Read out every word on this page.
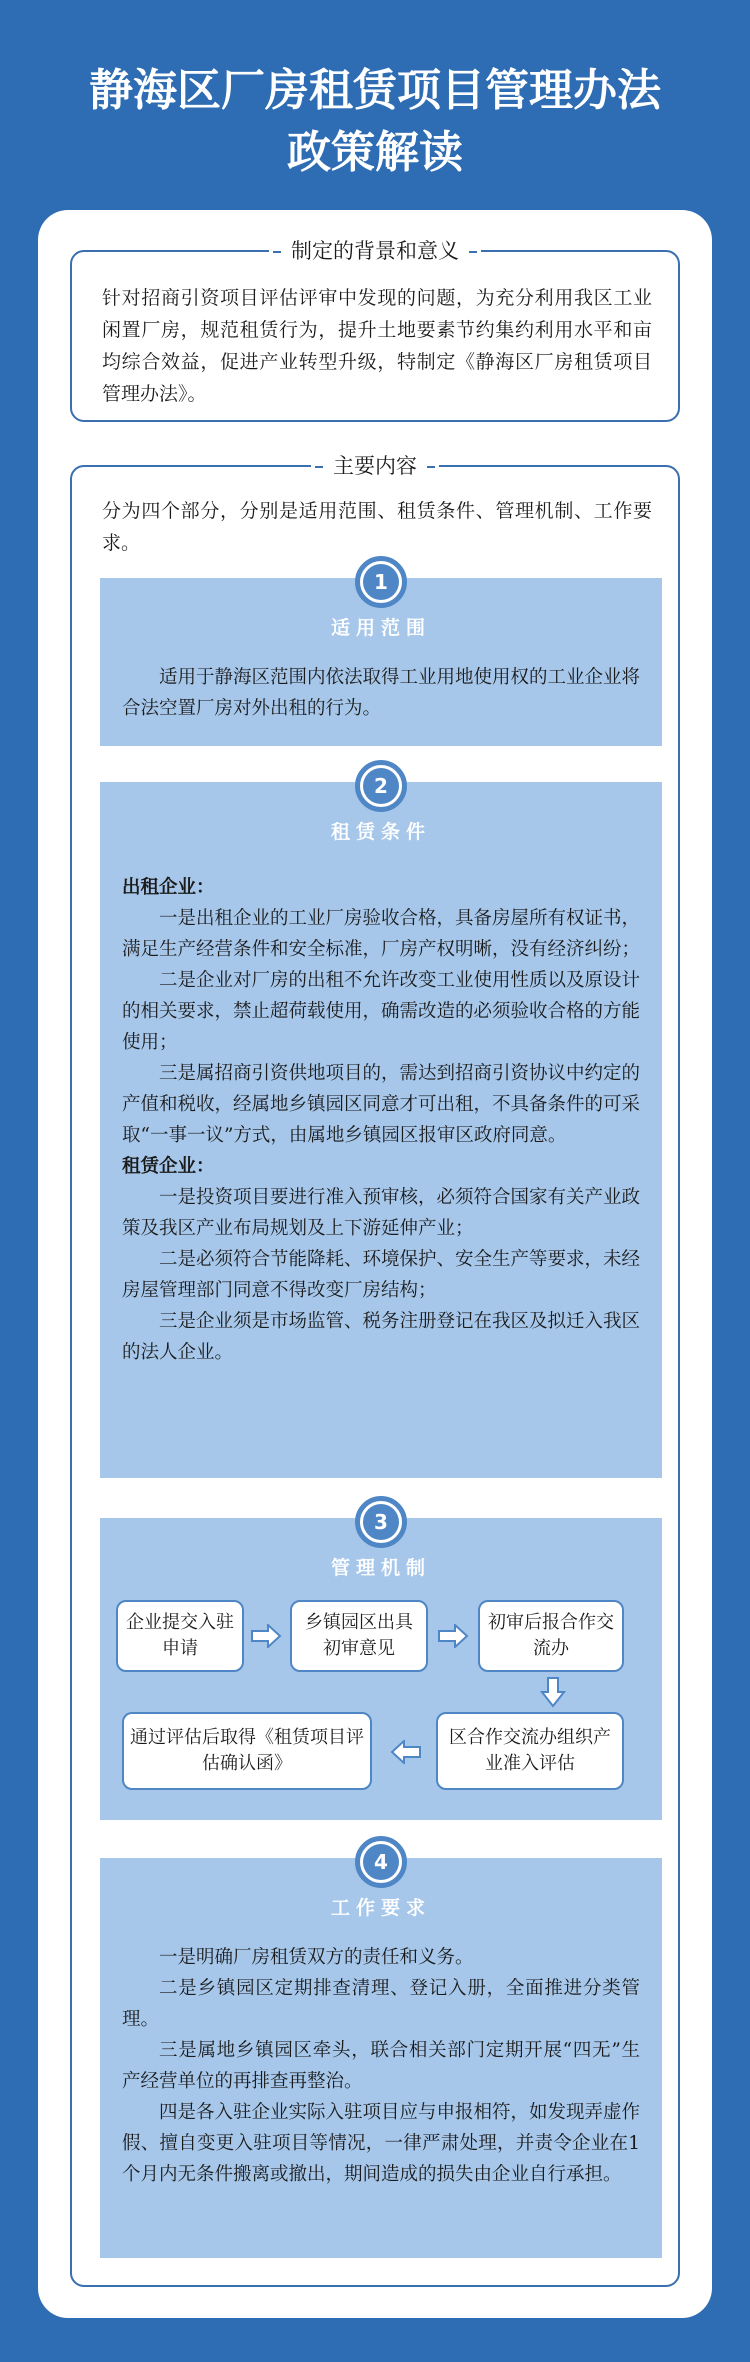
静海区厂房租赁项目管理办法
政策解读
制定的背景和意义
针对招商引资项目评估评审中发现的问题，为充分利用我区工业闲置厂房，规范租赁行为，提升土地要素节约集约利用水平和亩均综合效益，促进产业转型升级，特制定《静海区厂房租赁项目管理办法》。
主要内容
分为四个部分，分别是适用范围、租赁条件、管理机制、工作要求。
1
适用范围

适用于静海区范围内依法取得工业用地使用权的工业企业将合法空置厂房对外出租的行为。

2
租赁条件

出租企业：

一是出租企业的工业厂房验收合格，具备房屋所有权证书，满足生产经营条件和安全标准，厂房产权明晰，没有经济纠纷；

二是企业对厂房的出租不允许改变工业使用性质以及原设计的相关要求，禁止超荷载使用，确需改造的必须验收合格的方能使用；

三是属招商引资供地项目的，需达到招商引资协议中约定的产值和税收，经属地乡镇园区同意才可出租，不具备条件的可采取“一事一议”方式，由属地乡镇园区报审区政府同意。

租赁企业：

一是投资项目要进行准入预审核，必须符合国家有关产业政策及我区产业布局规划及上下游延伸产业；

二是必须符合节能降耗、环境保护、安全生产等要求，未经房屋管理部门同意不得改变厂房结构；

三是企业须是市场监管、税务注册登记在我区及拟迁入我区的法人企业。

3
管理机制
企业提交入驻申请
乡镇园区出具初审意见
初审后报合作交流办
区合作交流办组织产业准入评估
通过评估后取得《租赁项目评估确认函》
4
工作要求

一是明确厂房租赁双方的责任和义务。

二是乡镇园区定期排查清理、登记入册，全面推进分类管理。

三是属地乡镇园区牵头，联合相关部门定期开展“四无”生产经营单位的再排查再整治。

四是各入驻企业实际入驻项目应与申报相符，如发现弄虚作假、擅自变更入驻项目等情况，一律严肃处理，并责令企业在1个月内无条件搬离或撤出，期间造成的损失由企业自行承担。
